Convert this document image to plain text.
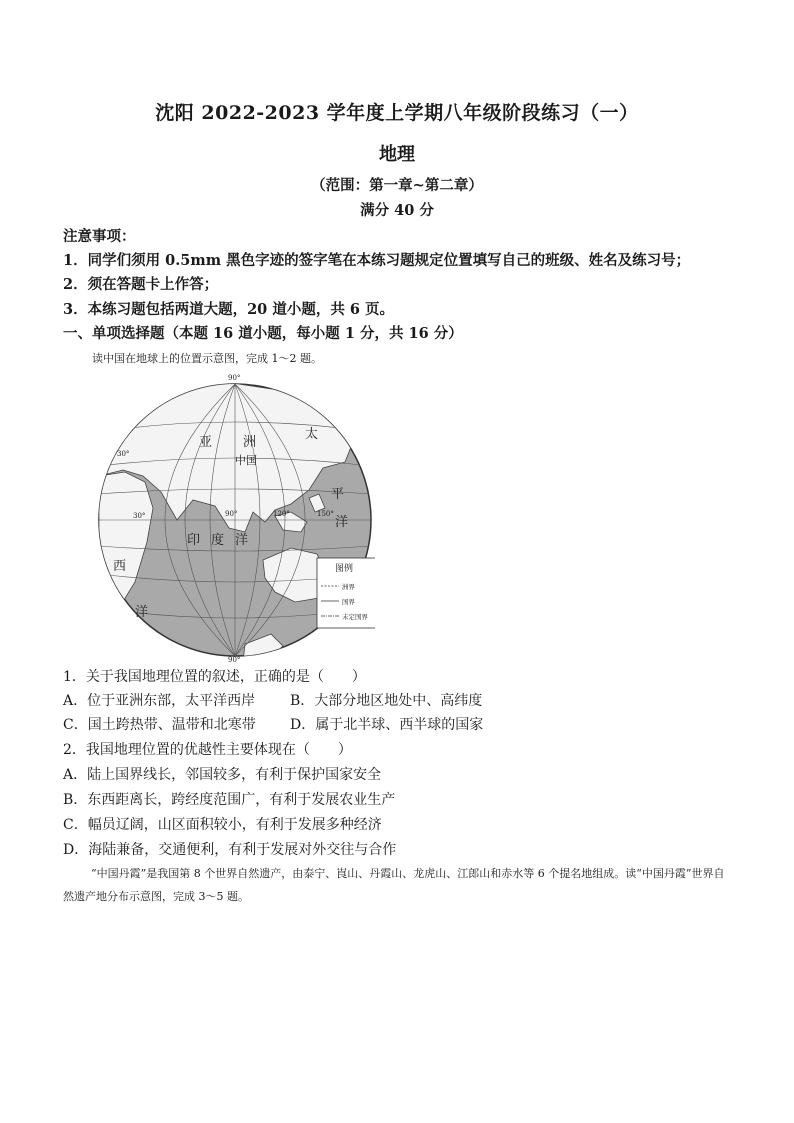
沈阳 2022-2023 学年度上学期八年级阶段练习（一）
地理
（范围：第一章~第二章）
满分 40 分
注意事项：
1．同学们须用 0.5mm 黑色字迹的签字笔在本练习题规定位置填写自己的班级、姓名及练习号；
2．须在答题卡上作答；
3．本练习题包括两道大题，20 道小题，共 6 页。
一、单项选择题（本题 16 道小题，每小题 1 分，共 16 分）
读中国在地球上的位置示意图，完成 1～2 题。
90°
90°
亚 洲
中国
30°
30°	90°	120°	150°
印 度 洋
太
平
洋
西
洋
图例
洲界
国界
未定国界
1．关于我国地理位置的叙述，正确的是（　　）
A．位于亚洲东部，太平洋西岸 B．大部分地区地处中、高纬度
C．国土跨热带、温带和北寒带 D．属于北半球、西半球的国家
2．我国地理位置的优越性主要体现在（　　）
A．陆上国界线长，邻国较多，有利于保护国家安全
B．东西距离长，跨经度范围广，有利于发展农业生产
C．幅员辽阔，山区面积较小，有利于发展多种经济
D．海陆兼备，交通便利，有利于发展对外交往与合作
“中国丹霞”是我国第 8 个世界自然遗产，由泰宁、崀山、丹霞山、龙虎山、江郎山和赤水等 6 个提名地组成。读“中国丹霞”世界自然遗产地分布示意图，完成 3～5 题。
